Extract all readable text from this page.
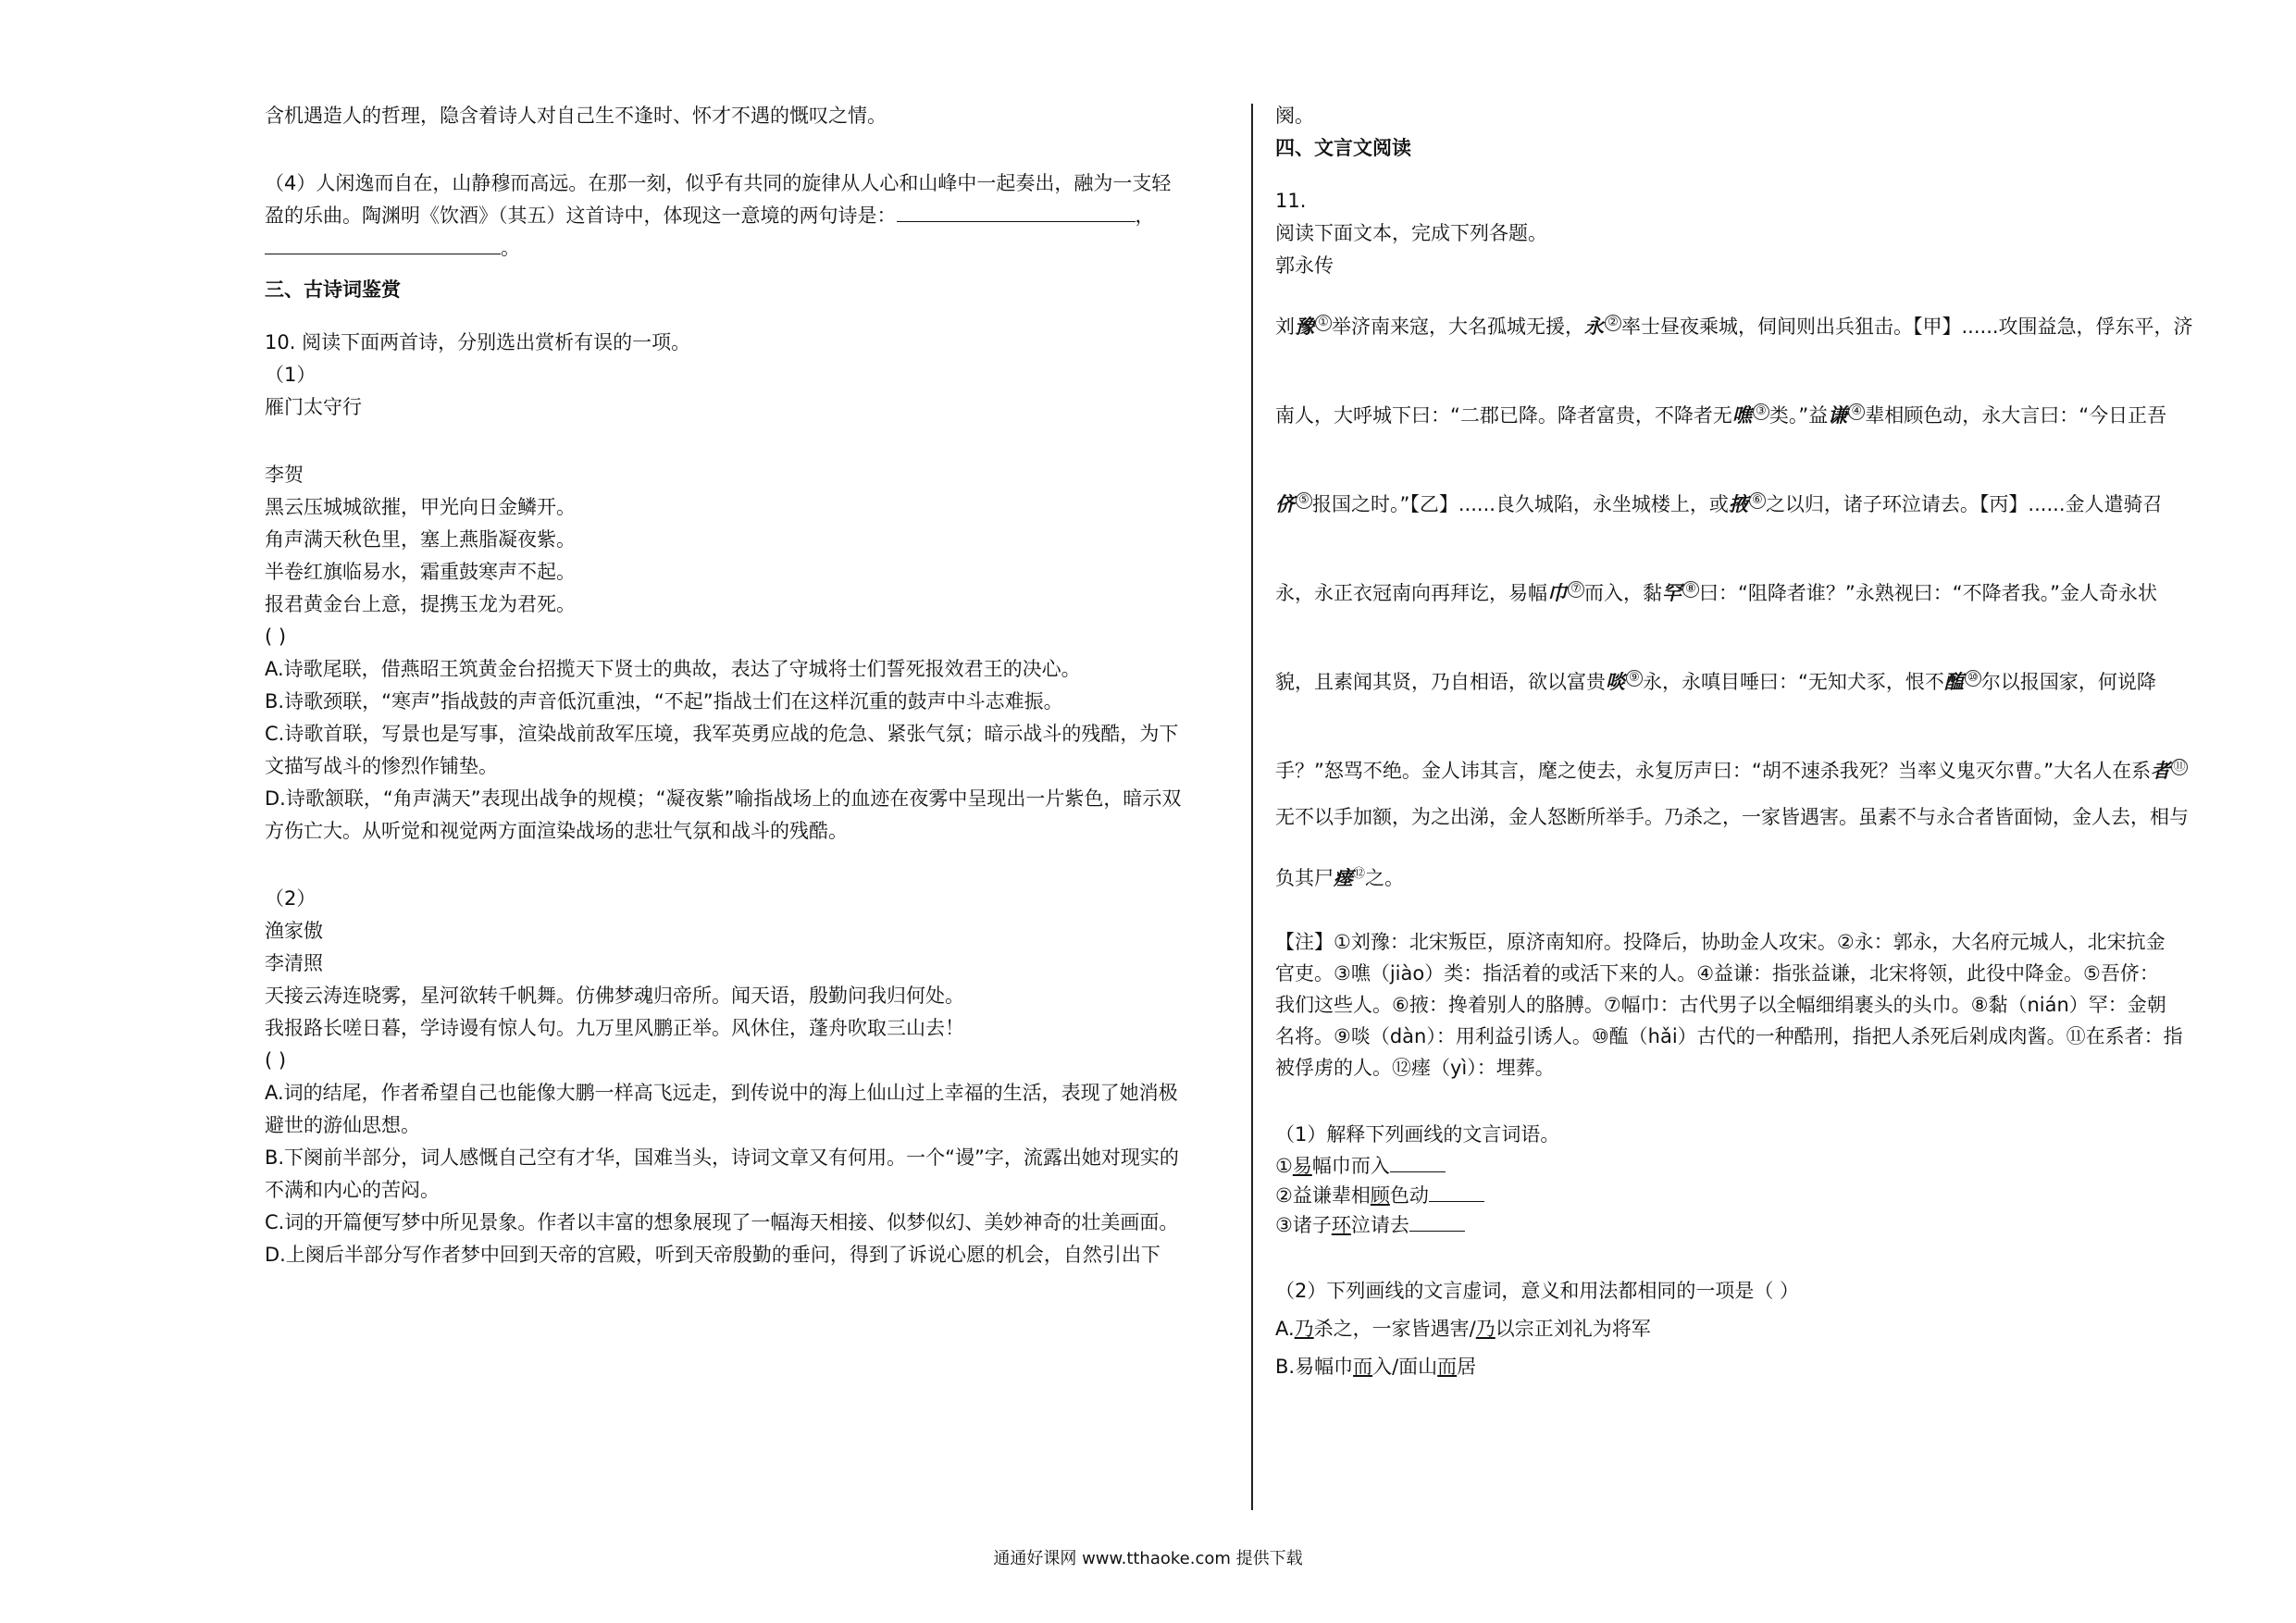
含机遇造人的哲理，隐含着诗人对自己生不逢时、怀才不遇的慨叹之情。

（4）人闲逸而自在，山静穆而高远。在那一刻，似乎有共同的旋律从人心和山峰中一起奏出，融为一支轻

盈的乐曲。陶渊明《饮酒》（其五）这首诗中，体现这一意境的两句诗是：	，

。

三、古诗词鉴赏

10. 阅读下面两首诗，分别选出赏析有误的一项。

（1）

雁门太守行

李贺

黑云压城城欲摧，甲光向日金鳞开。

角声满天秋色里，塞上燕脂凝夜紫。

半卷红旗临易水，霜重鼓寒声不起。

报君黄金台上意，提携玉龙为君死。

( )

A.诗歌尾联，借燕昭王筑黄金台招揽天下贤士的典故，表达了守城将士们誓死报效君王的决心。

B.诗歌颈联，“寒声”指战鼓的声音低沉重浊，“不起”指战士们在这样沉重的鼓声中斗志难振。

C.诗歌首联，写景也是写事，渲染战前敌军压境，我军英勇应战的危急、紧张气氛；暗示战斗的残酷，为下

文描写战斗的惨烈作铺垫。

D.诗歌颔联，“角声满天”表现出战争的规模；“凝夜紫”喻指战场上的血迹在夜雾中呈现出一片紫色，暗示双

方伤亡大。从听觉和视觉两方面渲染战场的悲壮气氛和战斗的残酷。

（2）

渔家傲

李清照

天接云涛连晓雾，星河欲转千帆舞。仿佛梦魂归帝所。闻天语，殷勤问我归何处。

我报路长嗟日暮，学诗谩有惊人句。九万里风鹏正举。风休住，蓬舟吹取三山去！

( )

A.词的结尾，作者希望自己也能像大鹏一样高飞远走，到传说中的海上仙山过上幸福的生活，表现了她消极

避世的游仙思想。

B.下阕前半部分，词人感慨自己空有才华，国难当头，诗词文章又有何用。一个“谩”字，流露出她对现实的

不满和内心的苦闷。

C.词的开篇便写梦中所见景象。作者以丰富的想象展现了一幅海天相接、似梦似幻、美妙神奇的壮美画面。

D.上阕后半部分写作者梦中回到天帝的宫殿，听到天帝殷勤的垂问，得到了诉说心愿的机会，自然引出下

阕。

四、文言文阅读

11.

阅读下面文本，完成下列各题。

郭永传

刘豫 ① 举济南来寇，大名孤城无援，永 ② 率士昼夜乘城，伺间则出兵狙击。【甲】......攻围益急，俘东平，济

南人，大呼城下曰：“二郡已降。降者富贵，不降者无噍 ③ 类。”益谦 ④ 辈相顾色动，永大言曰：“今日正吾

侪 ⑤ 报国之时。”【乙】......良久城陷，永坐城楼上，或掖 ⑥ 之以归，诸子环泣请去。【丙】......金人遣骑召

永，永正衣冠南向再拜讫，易幅巾 ⑦ 而入，黏罕 ⑧ 曰：“阻降者谁？”永熟视曰：“不降者我。”金人奇永状

貌，且素闻其贤，乃自相语，欲以富贵啖 ⑨ 永，永嗔目唾曰：“无知犬豕，恨不醢 ⑩ 尔以报国家，何说降

手？”怒骂不绝。金人讳其言，麾之使去，永复厉声曰：“胡不速杀我死？当率义鬼灭尔曹。”大名人在系者 ⑪

无不以手加额，为之出涕，金人怒断所举手。乃杀之，一家皆遇害。虽素不与永合者皆面恸，金人去，相与

负其尸瘗⑫之。

【注】①刘豫：北宋叛臣，原济南知府。投降后，协助金人攻宋。②永：郭永，大名府元城人，北宋抗金

官吏。③噍（jiào）类：指活着的或活下来的人。④益谦：指张益谦，北宋将领，此役中降金。⑤吾侪：

我们这些人。⑥掖：搀着别人的胳膊。⑦幅巾：古代男子以全幅细绢裹头的头巾。⑧黏（nián）罕：金朝

名将。⑨啖（dàn）：用利益引诱人。⑩醢（hǎi）古代的一种酷刑，指把人杀死后剁成肉酱。⑪在系者：指

被俘虏的人。⑫瘗（yì）：埋葬。

（1）解释下列画线的文言词语。

①易幅巾而入

②益谦辈相顾色动

③诸子环泣请去

（2）下列画线的文言虚词，意义和用法都相同的一项是（ ）

A.乃杀之，一家皆遇害/乃以宗正刘礼为将军

B.易幅巾而入/面山而居

通通好课网 www.tthaoke.com 提供下载
